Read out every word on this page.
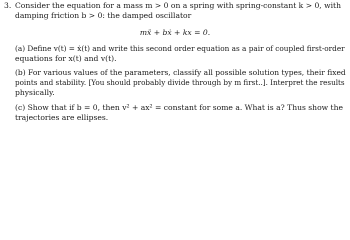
3. Consider the equation for a mass m > 0 on a spring with spring-constant k > 0, with
damping friction b > 0: the damped oscillator
mẍ + bẋ + kx = 0.
(a) Define v(t) = ẋ(t) and write this second order equation as a pair of coupled first-order
equations for x(t) and v(t).
(b) For various values of the parameters, classify all possible solution types, their fixed
points and stability. [You should probably divide through by m first..]. Interpret the results
physically.
(c) Show that if b = 0, then v² + ax² = constant for some a. What is a? Thus show the
trajectories are ellipses.
